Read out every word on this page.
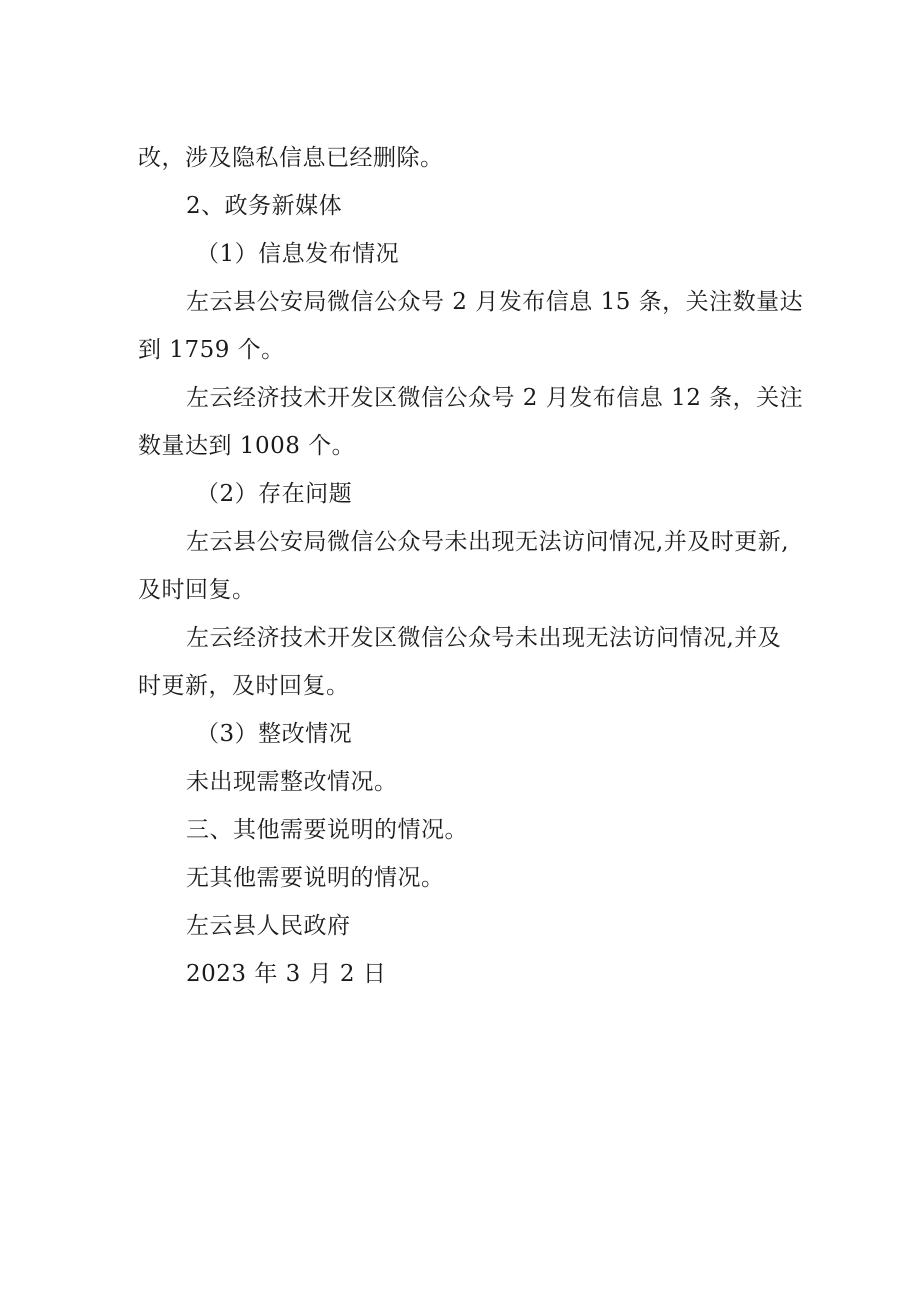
改，涉及隐私信息已经删除。
2、政务新媒体
（1）信息发布情况
左云县公安局微信公众号 2 月发布信息 15 条，关注数量达
到 1759 个。
左云经济技术开发区微信公众号 2 月发布信息 12 条，关注
数量达到 1008 个。
（2）存在问题
左云县公安局微信公众号未出现无法访问情况,并及时更新,
及时回复。
左云经济技术开发区微信公众号未出现无法访问情况,并及
时更新，及时回复。
（3）整改情况
未出现需整改情况。
三、其他需要说明的情况。
无其他需要说明的情况。
左云县人民政府
2023 年 3 月 2 日
